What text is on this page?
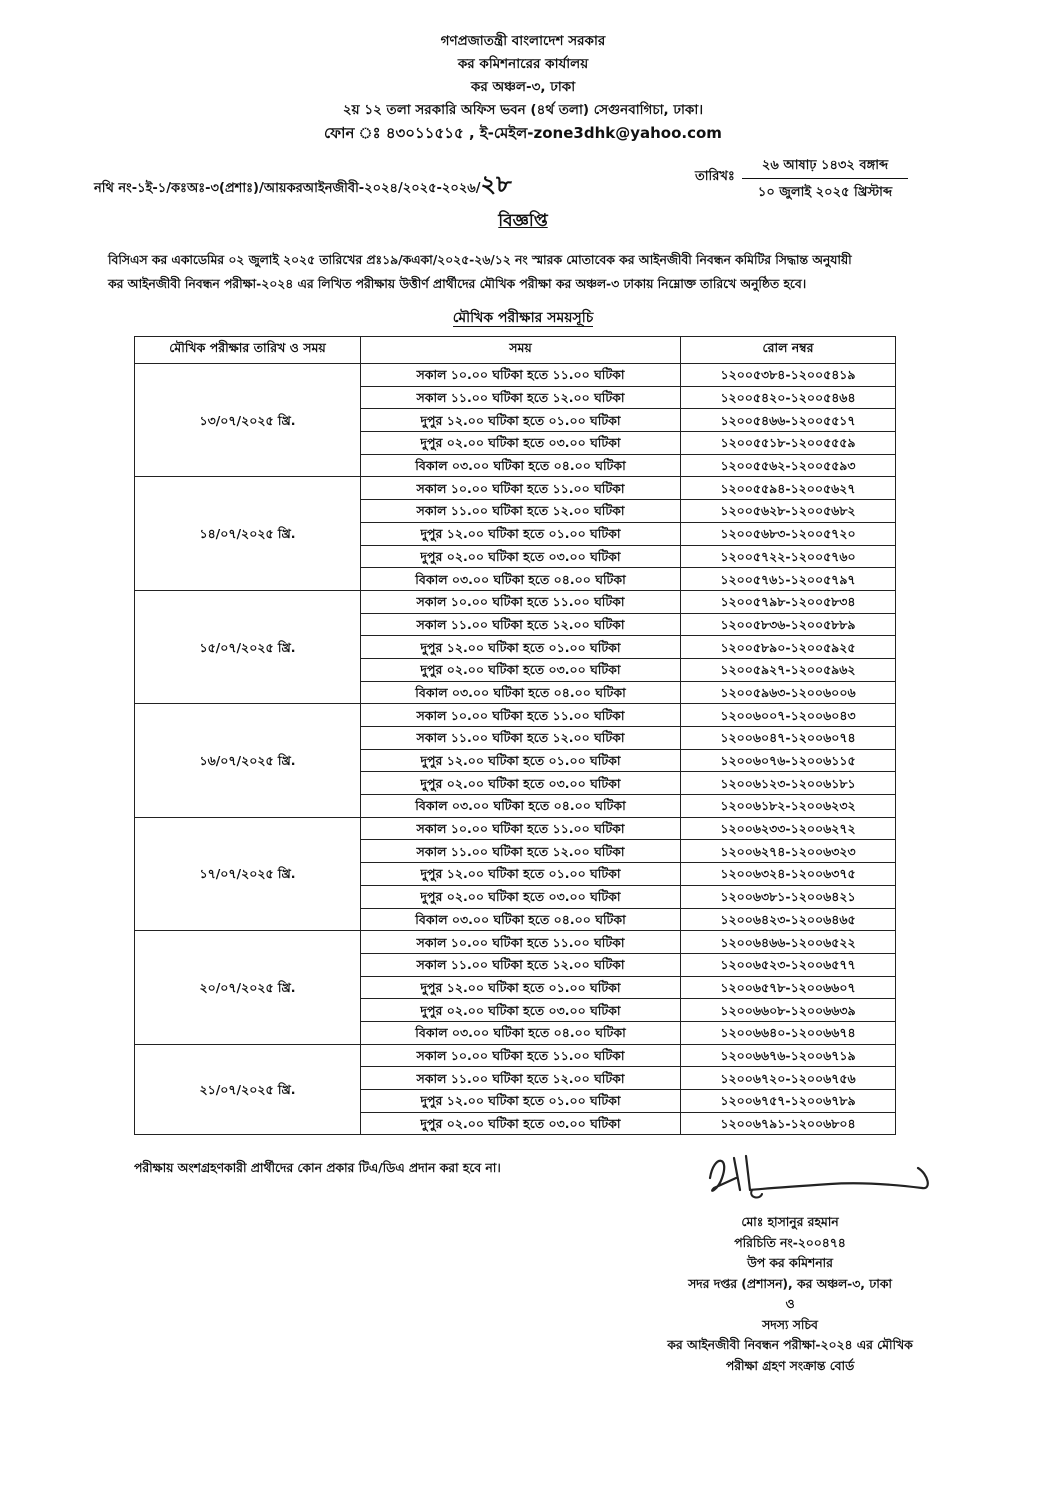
গণপ্রজাতন্ত্রী বাংলাদেশ সরকার
কর কমিশনারের কার্যালয়
কর অঞ্চল-৩, ঢাকা
২য় ১২ তলা সরকারি অফিস ভবন (৪র্থ তলা) সেগুনবাগিচা, ঢাকা।
ফোন ঃ ৪৩০১১৫১৫ , ই-মেইল-zone3dhk@yahoo.com
নথি নং-১ই-১/কঃঅঃ-৩(প্রশাঃ)/আয়করআইনজীবী-২০২৪/২০২৫-২০২৬/২৮	তারিখঃ
২৬ আষাঢ় ১৪৩২ বঙ্গাব্দ
১০ জুলাই ২০২৫ খ্রিস্টাব্দ
বিজ্ঞপ্তি
বিসিএস কর একাডেমির ০২ জুলাই ২০২৫ তারিখের প্রঃ১৯/কএকা/২০২৫-২৬/১২ নং স্মারক মোতাবেক কর আইনজীবী নিবন্ধন কমিটির সিদ্ধান্ত অনুযায়ী
কর আইনজীবী নিবন্ধন পরীক্ষা-২০২৪ এর লিখিত পরীক্ষায় উত্তীর্ণ প্রার্থীদের মৌখিক পরীক্ষা কর অঞ্চল-৩ ঢাকায় নিম্নোক্ত তারিখে অনুষ্ঠিত হবে।
মৌখিক পরীক্ষার সময়সূচি
মৌখিক পরীক্ষার তারিখ ও সময়	সময়	রোল নম্বর
১৩/০৭/২০২৫ খ্রি.	সকাল ১০.০০ ঘটিকা হতে ১১.০০ ঘটিকা	১২০০৫৩৮৪-১২০০৫৪১৯
	সকাল ১১.০০ ঘটিকা হতে ১২.০০ ঘটিকা	১২০০৫৪২০-১২০০৫৪৬৪
	দুপুর ১২.০০ ঘটিকা হতে ০১.০০ ঘটিকা	১২০০৫৪৬৬-১২০০৫৫১৭
	দুপুর ০২.০০ ঘটিকা হতে ০৩.০০ ঘটিকা	১২০০৫৫১৮-১২০০৫৫৫৯
	বিকাল ০৩.০০ ঘটিকা হতে ০৪.০০ ঘটিকা	১২০০৫৫৬২-১২০০৫৫৯৩
১৪/০৭/২০২৫ খ্রি.	সকাল ১০.০০ ঘটিকা হতে ১১.০০ ঘটিকা	১২০০৫৫৯৪-১২০০৫৬২৭
	সকাল ১১.০০ ঘটিকা হতে ১২.০০ ঘটিকা	১২০০৫৬২৮-১২০০৫৬৮২
	দুপুর ১২.০০ ঘটিকা হতে ০১.০০ ঘটিকা	১২০০৫৬৮৩-১২০০৫৭২০
	দুপুর ০২.০০ ঘটিকা হতে ০৩.০০ ঘটিকা	১২০০৫৭২২-১২০০৫৭৬০
	বিকাল ০৩.০০ ঘটিকা হতে ০৪.০০ ঘটিকা	১২০০৫৭৬১-১২০০৫৭৯৭
১৫/০৭/২০২৫ খ্রি.	সকাল ১০.০০ ঘটিকা হতে ১১.০০ ঘটিকা	১২০০৫৭৯৮-১২০০৫৮৩৪
	সকাল ১১.০০ ঘটিকা হতে ১২.০০ ঘটিকা	১২০০৫৮৩৬-১২০০৫৮৮৯
	দুপুর ১২.০০ ঘটিকা হতে ০১.০০ ঘটিকা	১২০০৫৮৯০-১২০০৫৯২৫
	দুপুর ০২.০০ ঘটিকা হতে ০৩.০০ ঘটিকা	১২০০৫৯২৭-১২০০৫৯৬২
	বিকাল ০৩.০০ ঘটিকা হতে ০৪.০০ ঘটিকা	১২০০৫৯৬৩-১২০০৬০০৬
১৬/০৭/২০২৫ খ্রি.	সকাল ১০.০০ ঘটিকা হতে ১১.০০ ঘটিকা	১২০০৬০০৭-১২০০৬০৪৩
	সকাল ১১.০০ ঘটিকা হতে ১২.০০ ঘটিকা	১২০০৬০৪৭-১২০০৬০৭৪
	দুপুর ১২.০০ ঘটিকা হতে ০১.০০ ঘটিকা	১২০০৬০৭৬-১২০০৬১১৫
	দুপুর ০২.০০ ঘটিকা হতে ০৩.০০ ঘটিকা	১২০০৬১২৩-১২০০৬১৮১
	বিকাল ০৩.০০ ঘটিকা হতে ০৪.০০ ঘটিকা	১২০০৬১৮২-১২০০৬২৩২
১৭/০৭/২০২৫ খ্রি.	সকাল ১০.০০ ঘটিকা হতে ১১.০০ ঘটিকা	১২০০৬২৩৩-১২০০৬২৭২
	সকাল ১১.০০ ঘটিকা হতে ১২.০০ ঘটিকা	১২০০৬২৭৪-১২০০৬৩২৩
	দুপুর ১২.০০ ঘটিকা হতে ০১.০০ ঘটিকা	১২০০৬৩২৪-১২০০৬৩৭৫
	দুপুর ০২.০০ ঘটিকা হতে ০৩.০০ ঘটিকা	১২০০৬৩৮১-১২০০৬৪২১
	বিকাল ০৩.০০ ঘটিকা হতে ০৪.০০ ঘটিকা	১২০০৬৪২৩-১২০০৬৪৬৫
২০/০৭/২০২৫ খ্রি.	সকাল ১০.০০ ঘটিকা হতে ১১.০০ ঘটিকা	১২০০৬৪৬৬-১২০০৬৫২২
	সকাল ১১.০০ ঘটিকা হতে ১২.০০ ঘটিকা	১২০০৬৫২৩-১২০০৬৫৭৭
	দুপুর ১২.০০ ঘটিকা হতে ০১.০০ ঘটিকা	১২০০৬৫৭৮-১২০০৬৬০৭
	দুপুর ০২.০০ ঘটিকা হতে ০৩.০০ ঘটিকা	১২০০৬৬০৮-১২০০৬৬৩৯
	বিকাল ০৩.০০ ঘটিকা হতে ০৪.০০ ঘটিকা	১২০০৬৬৪০-১২০০৬৬৭৪
২১/০৭/২০২৫ খ্রি.	সকাল ১০.০০ ঘটিকা হতে ১১.০০ ঘটিকা	১২০০৬৬৭৬-১২০০৬৭১৯
	সকাল ১১.০০ ঘটিকা হতে ১২.০০ ঘটিকা	১২০০৬৭২০-১২০০৬৭৫৬
	দুপুর ১২.০০ ঘটিকা হতে ০১.০০ ঘটিকা	১২০০৬৭৫৭-১২০০৬৭৮৯
	দুপুর ০২.০০ ঘটিকা হতে ০৩.০০ ঘটিকা	১২০০৬৭৯১-১২০০৬৮০৪
পরীক্ষায় অংশগ্রহণকারী প্রার্থীদের কোন প্রকার টিএ/ডিএ প্রদান করা হবে না।
মোঃ হাসানুর রহমান
পরিচিতি নং-২০০৪৭৪
উপ কর কমিশনার
সদর দপ্তর (প্রশাসন), কর অঞ্চল-৩, ঢাকা
ও
সদস্য সচিব
কর আইনজীবী নিবন্ধন পরীক্ষা-২০২৪ এর মৌখিক
পরীক্ষা গ্রহণ সংক্রান্ত বোর্ড
